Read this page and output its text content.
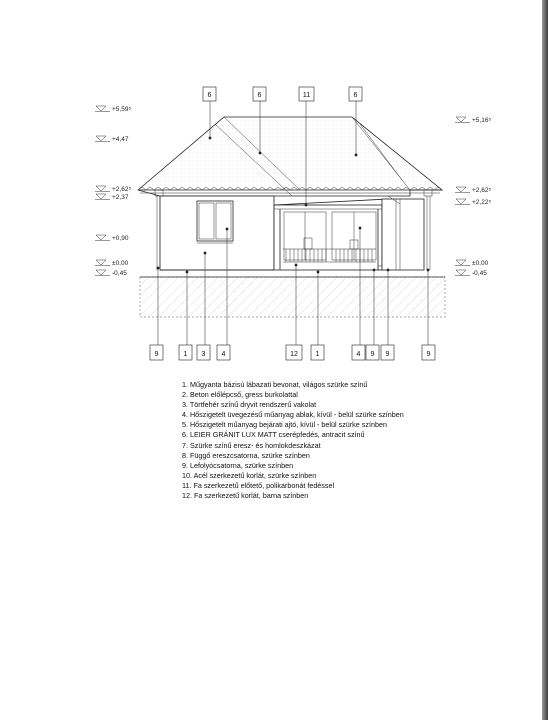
+5,59⁵
+4,47
+2,62⁵
+2,37
+0,90
±0,00
-0,45
+5,16⁵
+2,62⁵
+2,22⁵
±0,00
-0,45
6	6	11	6
9	1 3 4	12	1	4 9 9	9
1. Műgyanta bázisú lábazati bevonat, világos szürke színű
2. Beton előlépcső, gress burkolattal
3. Törtfehér színű dryvit rendszerű vakolat
4. Hőszigetelt üvegezésű műanyag ablak, kívül - belül szürke színben
5. Hőszigetelt műanyag bejárati ajtó, kívül - belül szürke színben
6. LEIER GRÁNIT LUX MATT cserépfedés, antracit színű
7. Szürke színű eresz- és homlokdeszkázat
8. Függő ereszcsatorna, szürke színben
9. Lefolyócsatorna, szürke színben
10. Acél szerkezetű korlát, szürke színben
11. Fa szerkezetű előtető, polikarbonát fedéssel
12. Fa szerkezetű korlát, barna színben
